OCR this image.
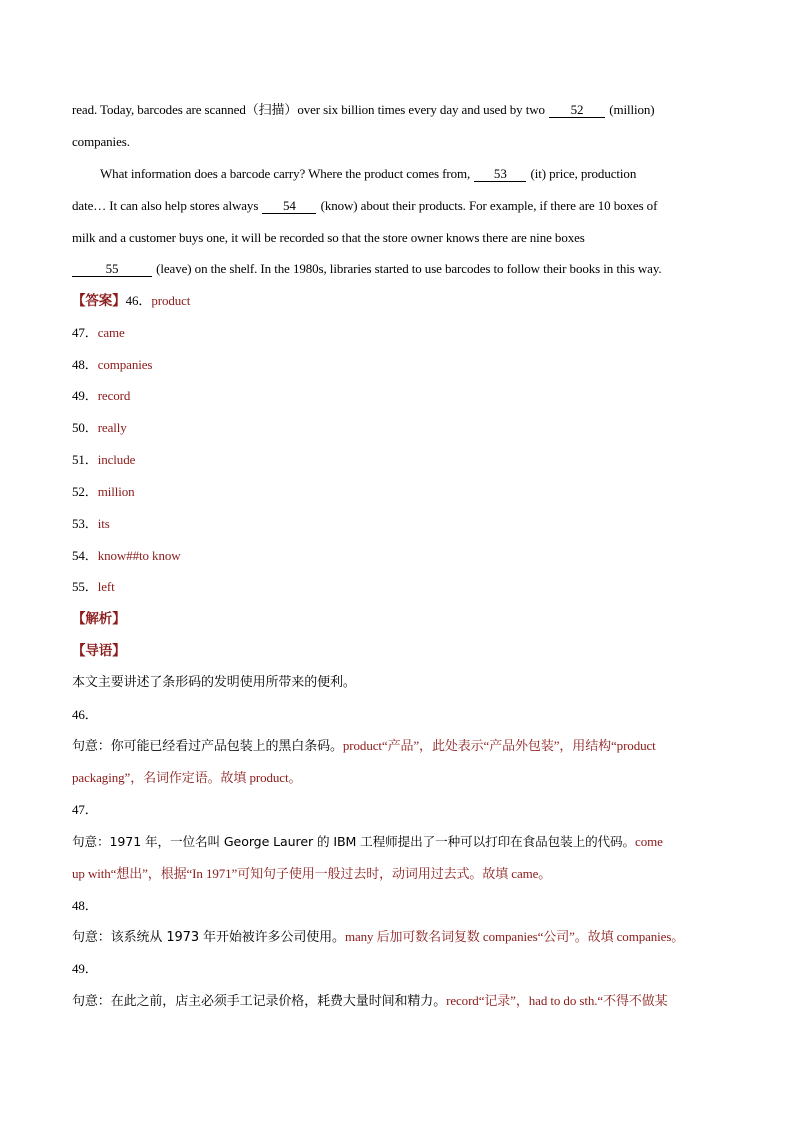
read. Today, barcodes are scanned（扫描）over six billion times every day and used by two 52 (million)
companies.
What information does a barcode carry? Where the product comes from, 53 (it) price, production
date… It can also help stores always 54 (know) about their products. For example, if there are 10 boxes of
milk and a customer buys one, it will be recorded so that the store owner knows there are nine boxes
55	(leave) on the shelf. In the 1980s, libraries started to use barcodes to follow their books in this way.
【答案】46．product
47．came
48．companies
49．record
50．really
51．include
52．million
53．its
54．know##to know
55．left
【解析】
【导语】
本文主要讲述了条形码的发明使用所带来的便利。
46．
句意：你可能已经看过产品包装上的黑白条码。product“产品”，此处表示“产品外包装”，用结构“product
packaging”，名词作定语。故填 product。
47．
句意：1971 年，一位名叫 George Laurer 的 IBM 工程师提出了一种可以打印在食品包装上的代码。come
up with“想出”，根据“In 1971”可知句子使用一般过去时，动词用过去式。故填 came。
48．
句意：该系统从 1973 年开始被许多公司使用。many 后加可数名词复数 companies“公司”。故填 companies。
49．
句意：在此之前，店主必须手工记录价格，耗费大量时间和精力。record“记录”，had to do sth.“不得不做某
